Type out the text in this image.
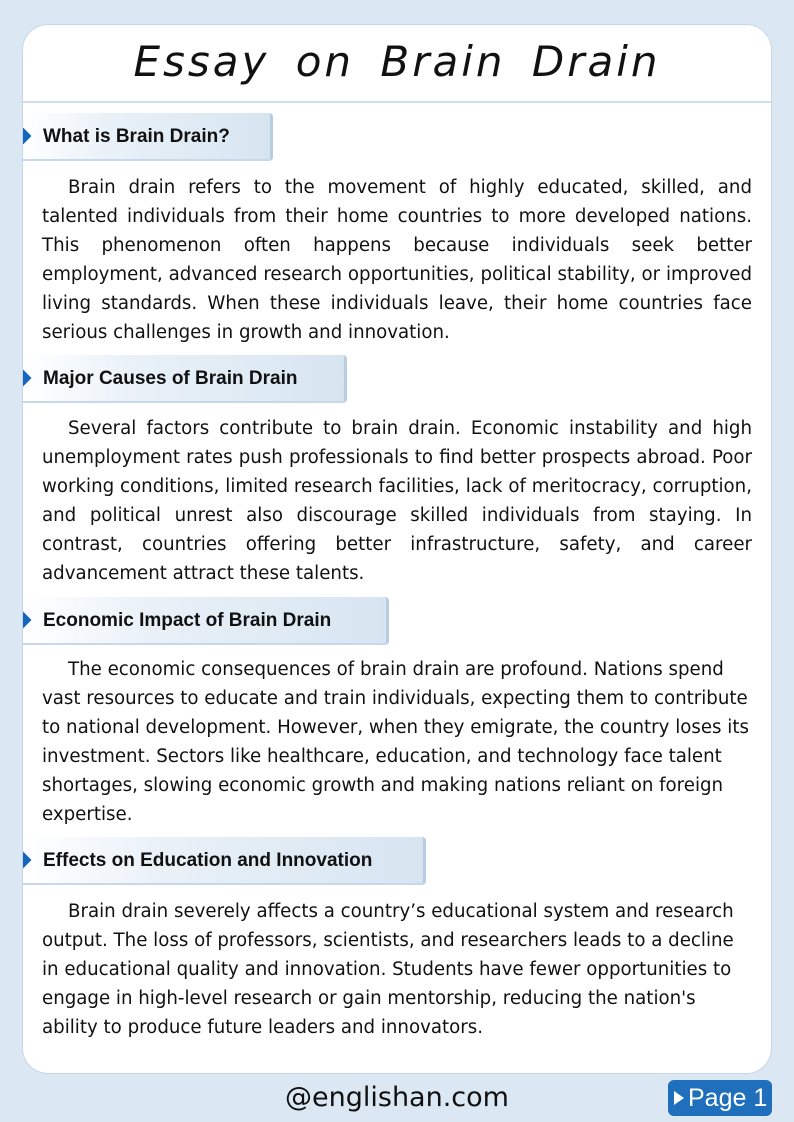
Essay on Brain Drain
What is Brain Drain?

Brain drain refers to the movement of highly educated, skilled, and talented individuals from their home countries to more developed nations. This phenomenon often happens because individuals seek better employment, advanced research opportunities, political stability, or improved living standards. When these individuals leave, their home countries face serious challenges in growth and innovation.

Major Causes of Brain Drain

Several factors contribute to brain drain. Economic instability and high unemployment rates push professionals to find better prospects abroad. Poor working conditions, limited research facilities, lack of meritocracy, corruption, and political unrest also discourage skilled individuals from staying. In contrast, countries offering better infrastructure, safety, and career advancement attract these talents.

Economic Impact of Brain Drain

The economic consequences of brain drain are profound. Nations spend vast resources to educate and train individuals, expecting them to contribute to national development. However, when they emigrate, the country loses its investment. Sectors like healthcare, education, and technology face talent shortages, slowing economic growth and making nations reliant on foreign expertise.

Effects on Education and Innovation

Brain drain severely affects a country’s educational system and research output. The loss of professors, scientists, and researchers leads to a decline in educational quality and innovation. Students have fewer opportunities to engage in high-level research or gain mentorship, reducing the nation's ability to produce future leaders and innovators.

@englishan.com	Page 1
